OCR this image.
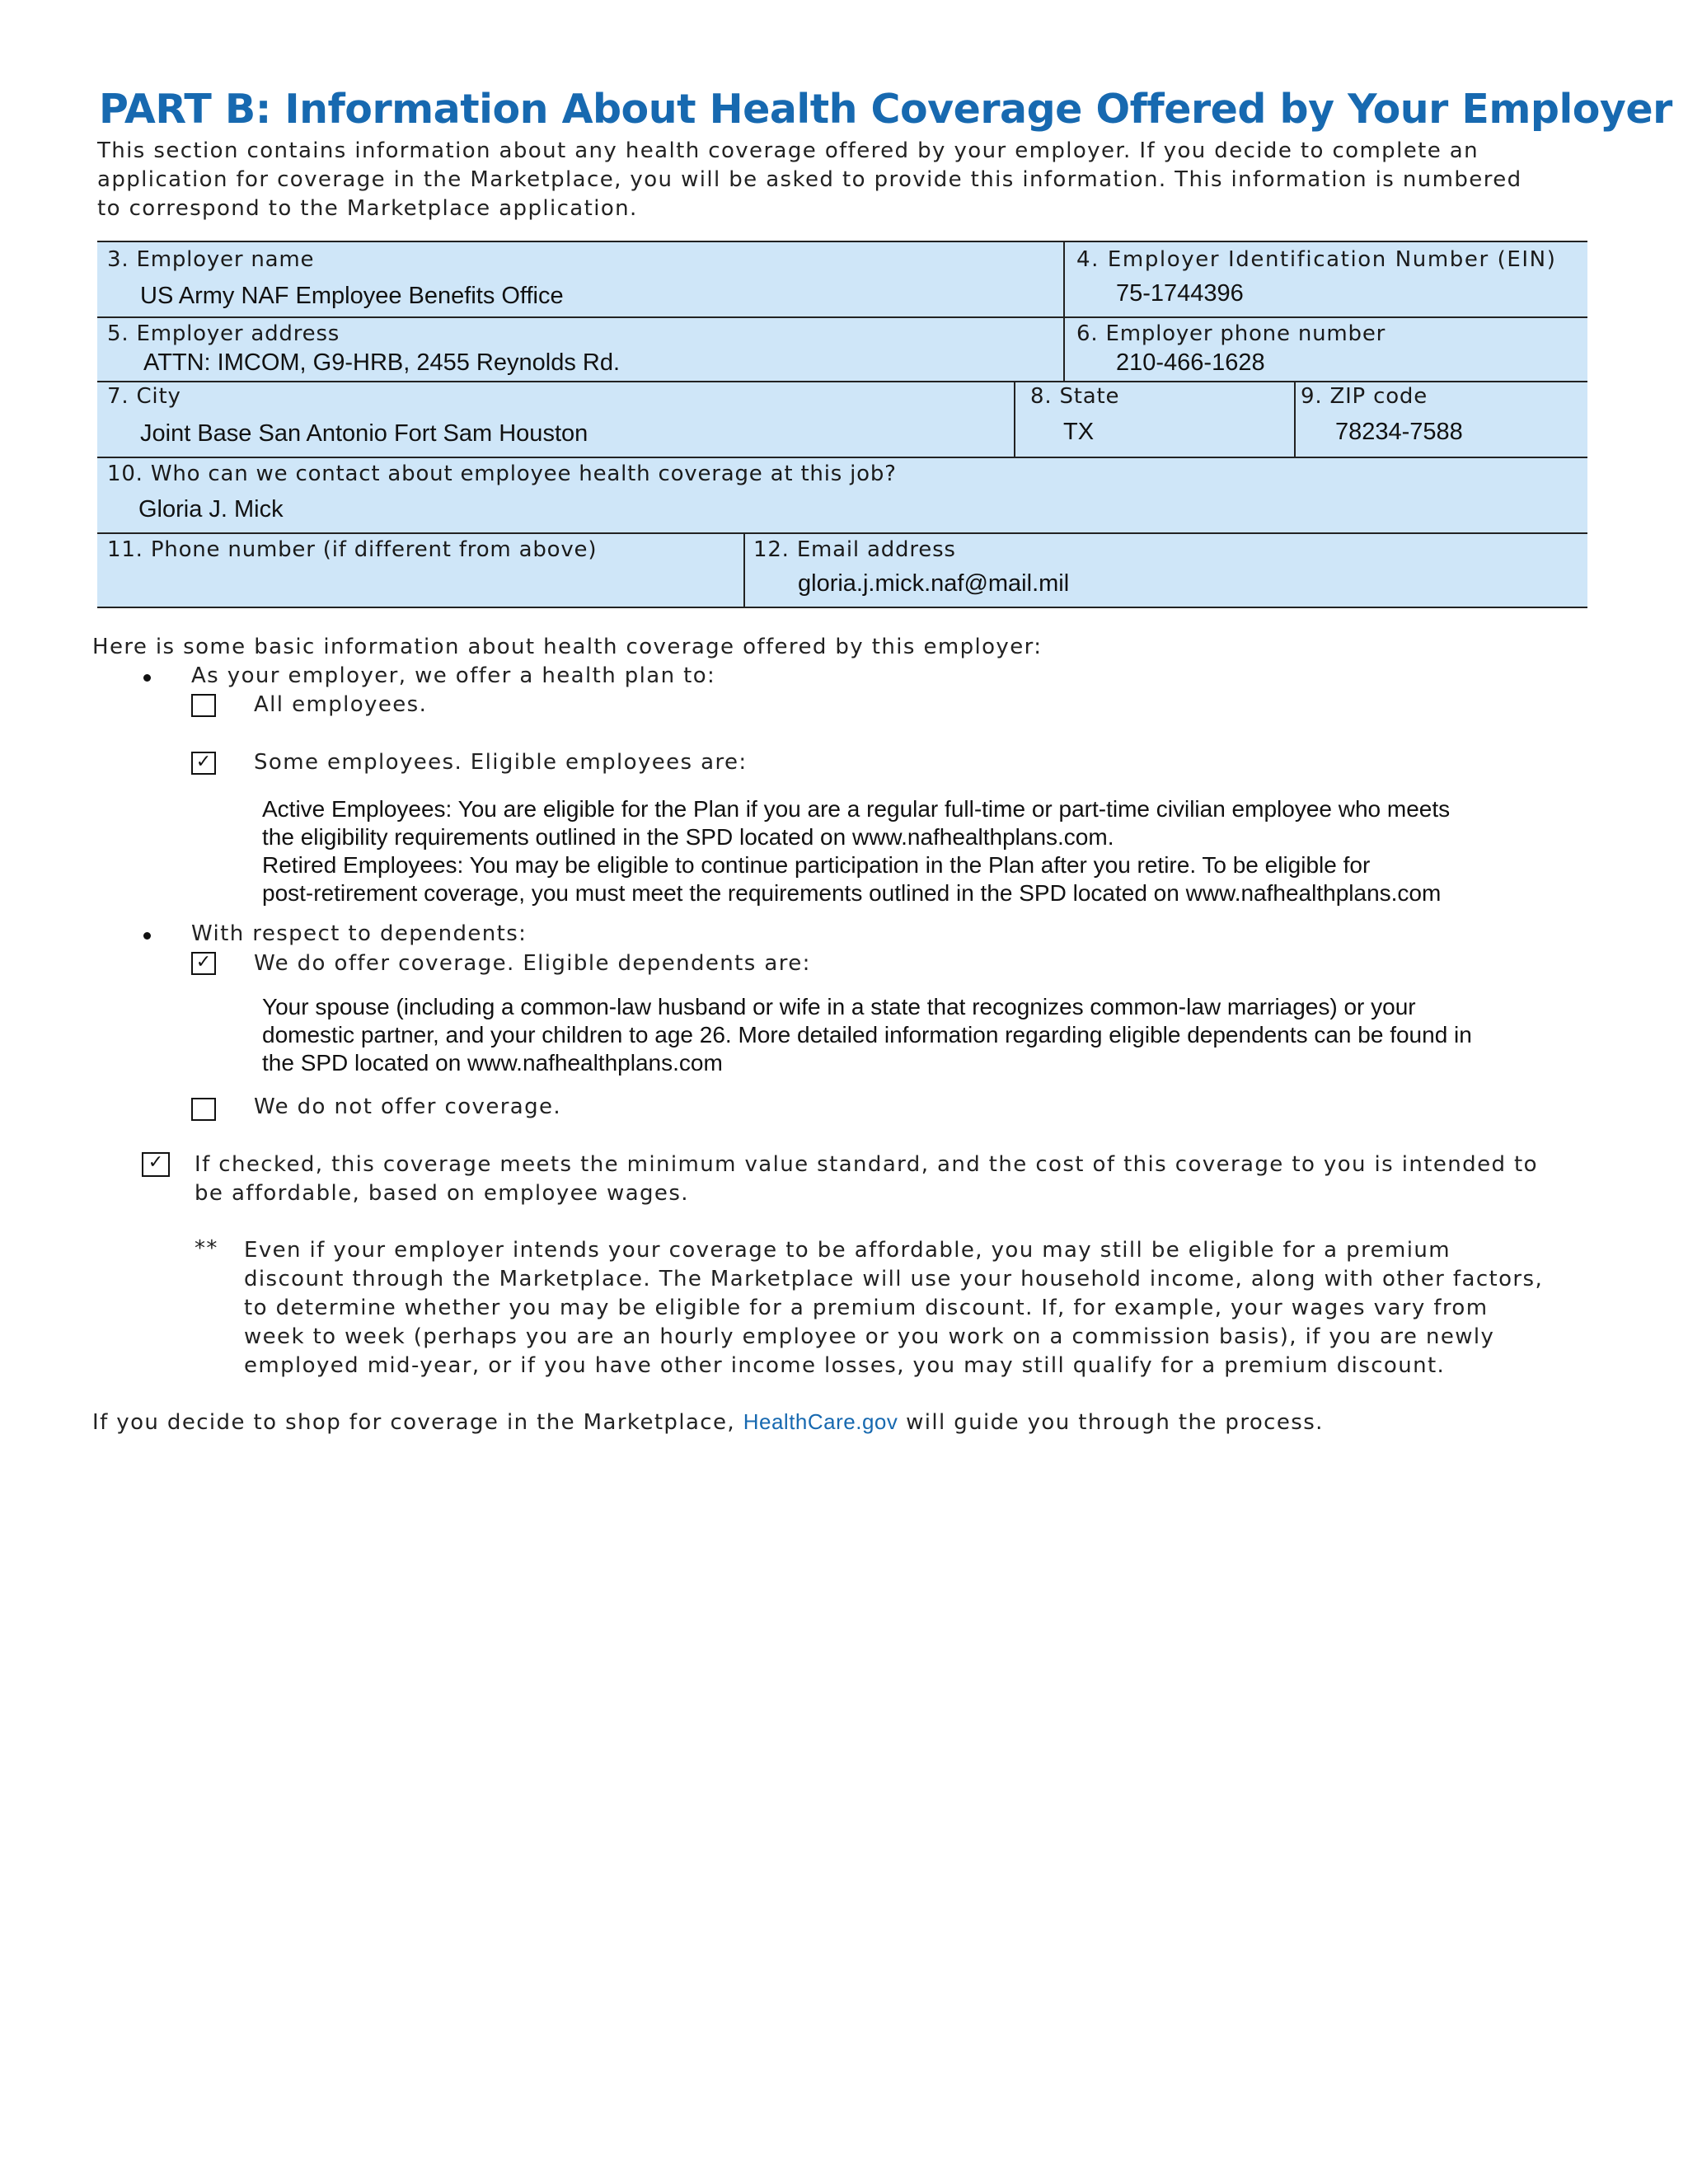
PART B: Information About Health Coverage Offered by Your Employer
This section contains information about any health coverage offered by your employer. If you decide to complete an
application for coverage in the Marketplace, you will be asked to provide this information. This information is numbered
to correspond to the Marketplace application.
3. Employer name
US Army NAF Employee Benefits Office
4. Employer Identification Number (EIN)
75-1744396
5. Employer address
ATTN: IMCOM, G9-HRB, 2455 Reynolds Rd.
6. Employer phone number
210-466-1628
7. City
Joint Base San Antonio Fort Sam Houston
8. State
TX
9. ZIP code
78234-7588
10. Who can we contact about employee health coverage at this job?
Gloria J. Mick
11. Phone number (if different from above)	12. Email address
gloria.j.mick.naf@mail.mil
Here is some basic information about health coverage offered by this employer:
As your employer, we offer a health plan to:
All employees.
✓ Some employees. Eligible employees are:
Active Employees: You are eligible for the Plan if you are a regular full-time or part-time civilian employee who meets
the eligibility requirements outlined in the SPD located on www.nafhealthplans.com.
Retired Employees: You may be eligible to continue participation in the Plan after you retire. To be eligible for
post-retirement coverage, you must meet the requirements outlined in the SPD located on www.nafhealthplans.com
With respect to dependents:
✓ We do offer coverage. Eligible dependents are:
Your spouse (including a common-law husband or wife in a state that recognizes common-law marriages) or your
domestic partner, and your children to age 26. More detailed information regarding eligible dependents can be found in
the SPD located on www.nafhealthplans.com
We do not offer coverage.
✓ If checked, this coverage meets the minimum value standard, and the cost of this coverage to you is intended to
be affordable, based on employee wages.
** Even if your employer intends your coverage to be affordable, you may still be eligible for a premium
discount through the Marketplace. The Marketplace will use your household income, along with other factors,
to determine whether you may be eligible for a premium discount. If, for example, your wages vary from
week to week (perhaps you are an hourly employee or you work on a commission basis), if you are newly
employed mid-year, or if you have other income losses, you may still qualify for a premium discount.
If you decide to shop for coverage in the Marketplace, HealthCare.gov will guide you through the process.
